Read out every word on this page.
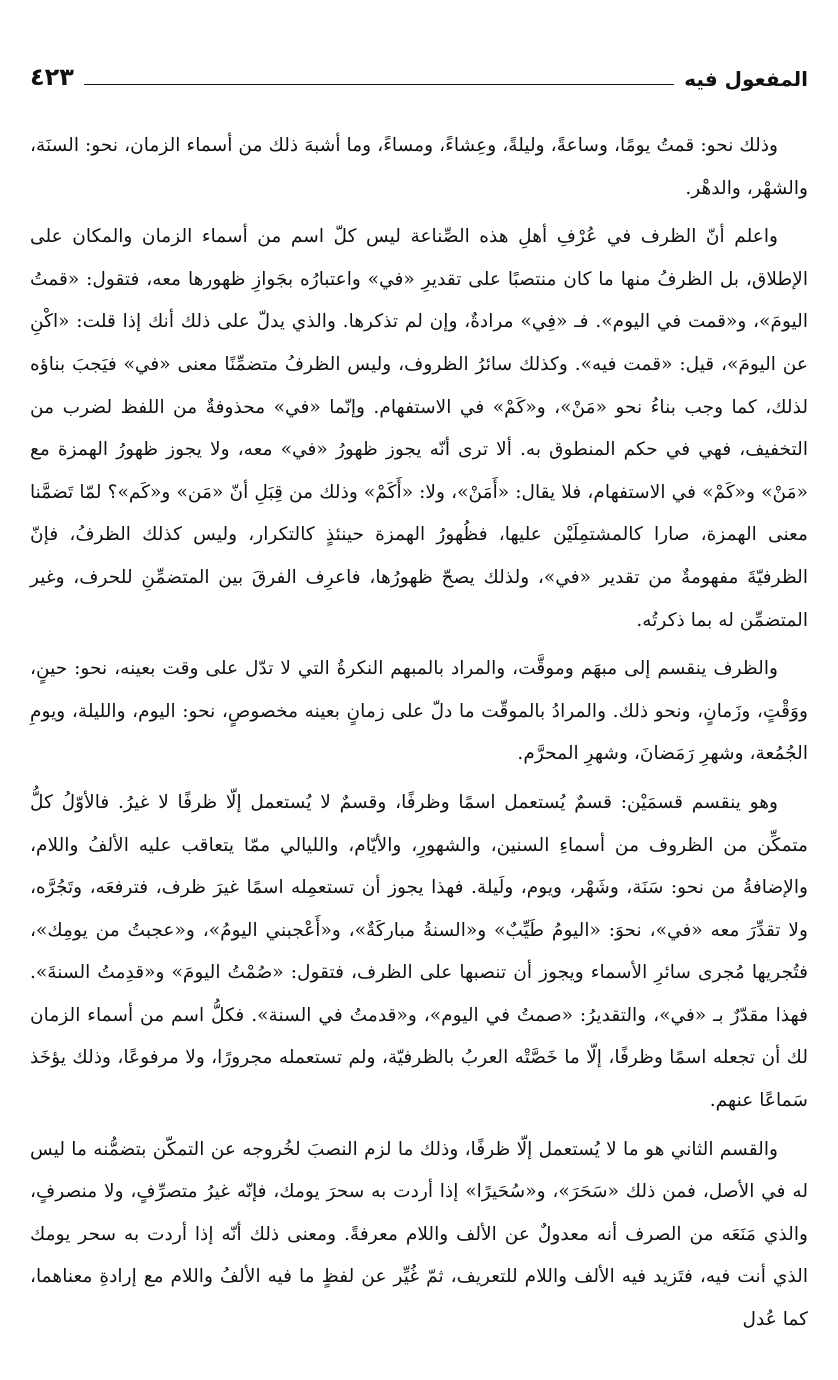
المفعول فيه
٤٢٣

وذلك نحو: قمتُ يومًا، وساعةً، وليلةً، وعِشاءً، ومساءً، وما أشبهَ ذلك من أسماء الزمان، نحو: السنَة، والشهْر، والدهْر.

واعلم أنّ الظرف في عُرْفِ أهلِ هذه الصِّناعة ليس كلّ اسم من أسماء الزمان والمكان على الإطلاق، بل الظرفُ منها ما كان منتصبًا على تقديرِ «في» واعتبارُه بجَوازِ ظهورها معه، فتقول: «قمتُ اليومَ»، و«قمت في اليوم». فـ «فِي» مرادةٌ، وإن لم تذكرها. والذي يدلّ على ذلك أنك إذا قلت: «اكْنِ عن اليومَ»، قيل: «قمت فيه». وكذلك سائرُ الظروف، وليس الظرفُ متضمِّنًا معنى «في» فيَجبَ بناؤه لذلك، كما وجب بناءُ نحو «مَنْ»، و«كَمْ» في الاستفهام. وإنّما «في» محذوفةٌ من اللفظ لضرب من التخفيف، فهي في حكم المنطوق به. ألا ترى أنّه يجوز ظهورُ «في» معه، ولا يجوز ظهورُ الهمزة مع «مَنْ» و«كَمْ» في الاستفهام، فلا يقال: «أَمَنْ»، ولا: «أَكَمْ» وذلك من قِبَلِ أنّ «مَن» و«كَم»؟ لمّا تَضمَّنا معنى الهمزة، صارا كالمشتمِلَيْن عليها، فظُهورُ الهمزة حينئذٍ كالتكرار، وليس كذلك الظرفُ، فإنّ الظرفيّةَ مفهومةٌ من تقدير «في»، ولذلك يصحّ ظهورُها، فاعرِف الفرقَ بين المتضمِّنِ للحرف، وغير المتضمِّن له بما ذكرتُه.

والظرف ينقسم إلى مبهَم وموقَّت، والمراد بالمبهم النكرةُ التي لا تدّل على وقت بعينه، نحو: حينٍ، ووَقْتٍ، وزَمانٍ، ونحو ذلك. والمرادُ بالموقّت ما دلّ على زمانٍ بعينه مخصوصٍ، نحو: اليوم، والليلة، ويومِ الجُمُعة، وشهرِ رَمَضانَ، وشهرِ المحرَّم.

وهو ينقسم قسمَيْن: قسمٌ يُستعمل اسمًا وظرفًا، وقسمٌ لا يُستعمل إلّا ظرفًا لا غيرُ. فالأوّلُ كلُّ متمكِّن من الظروف من أسماءِ السنين، والشهورِ، والأيّام، والليالي ممّا يتعاقب عليه الألفُ واللام، والإضافةُ من نحو: سَنَة، وشَهْر، ويوم، ولَيلة. فهذا يجوز أن تستعمِله اسمًا غيرَ ظرف، فترفعَه، وتَجُرَّه، ولا تقدِّرَ معه «في»، نحوَ: «اليومُ طَيِّبٌ» و«السنةُ مباركَةٌ»، و«أَعْجبني اليومُ»، و«عجبتُ من يومِك»، فتُجريها مُجرى سائرِ الأسماء ويجوز أن تنصبها على الظرف، فتقول: «صُمْتُ اليومَ» و«قدِمتُ السنةَ». فهذا مقدّرٌ بـ «في»، والتقديرُ: «صمتُ في اليوم»، و«قدمتُ في السنة». فكلُّ اسم من أسماء الزمان لك أن تجعله اسمًا وظرفًا، إلّا ما خَصَّتْه العربُ بالظرفيّة، ولم تستعمله مجرورًا، ولا مرفوعًا، وذلك يؤخَذ سَماعًا عنهم.

والقسم الثاني هو ما لا يُستعمل إلّا ظرفًا، وذلك ما لزم النصبَ لخُروجه عن التمكّن بتضمُّنه ما ليس له في الأصل، فمن ذلك «سَحَرَ»، و«سُحَيرًا» إذا أردت به سحرَ يومك، فإنّه غيرُ متصرِّفٍ، ولا منصرفٍ، والذي مَنَعَه من الصرف أنه معدولٌ عن الألف واللام معرفةً. ومعنى ذلك أنّه إذا أردت به سحر يومك الذي أنت فيه، فتَزيد فيه الألف واللام للتعريف، ثمّ غُيِّر عن لفظٍ ما فيه الألفُ واللام مع إرادةِ معناهما، كما عُدل
